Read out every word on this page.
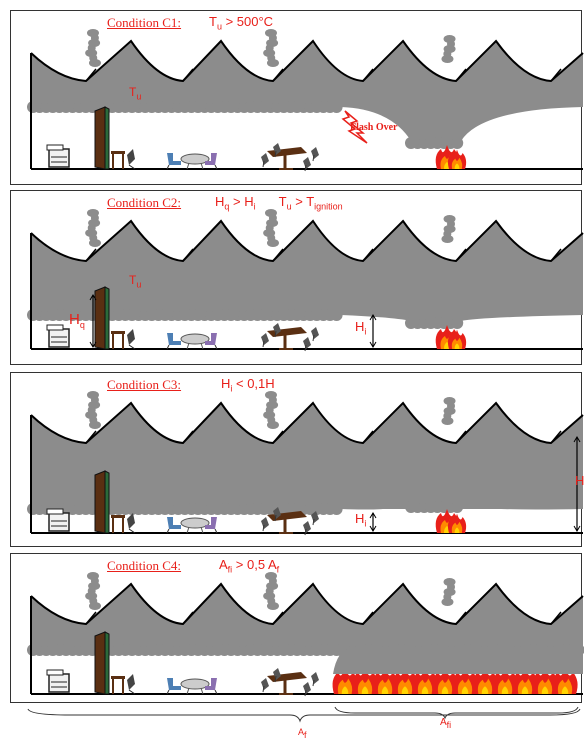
Condition C1: $T_u > 500^\circ C$
$T_u$
Flash Over
Condition C2:	$H_q > H_i$ $T_u > T_{ignition}$
$T_u$
$H_q$	$H_i$
Condition C3:	$H_i < 0,1H$
$H_i$
H
Condition C4:	$A_{fi} > 0,5$ $A_f$
$A_{fi}$
$A_f$
